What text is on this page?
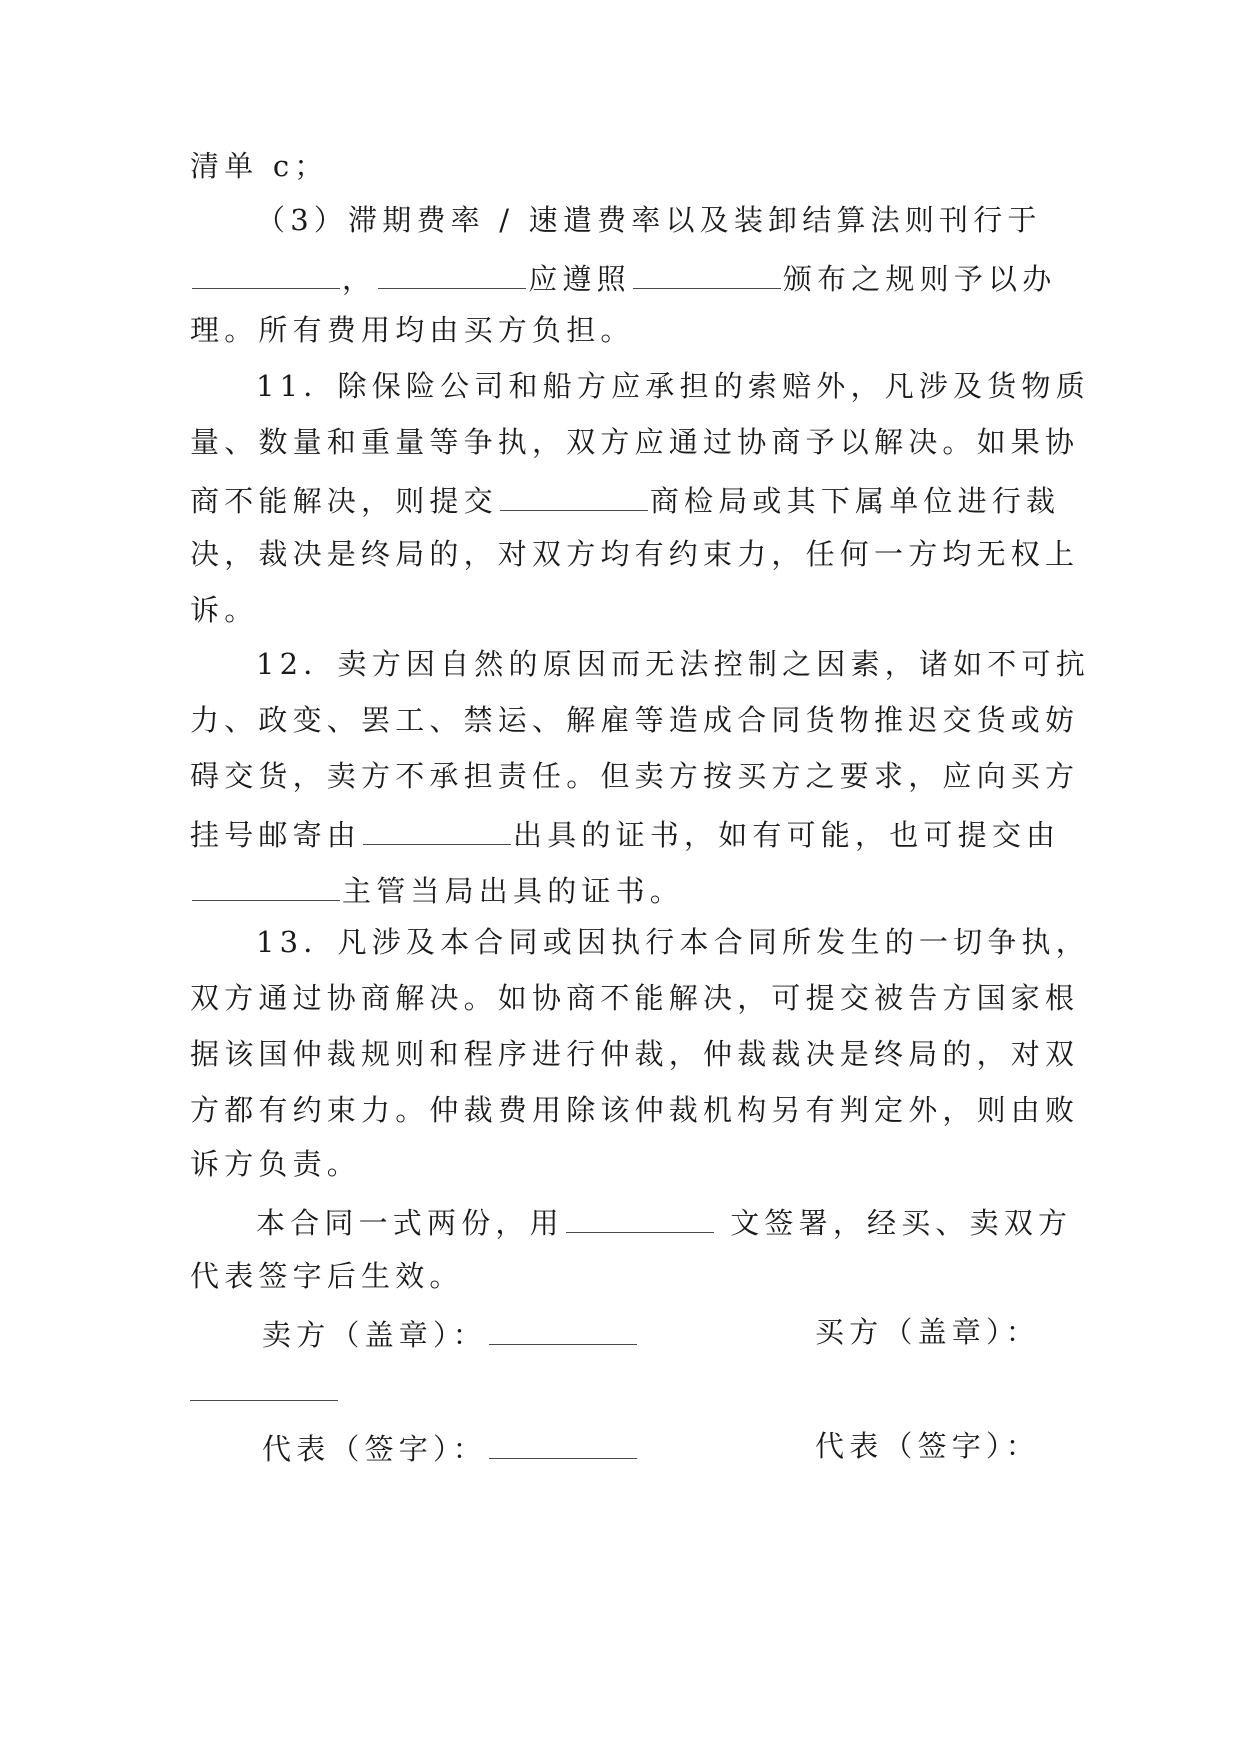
清单 c；
（3）滞期费率 / 速遣费率以及装卸结算法则刊行于
，	应遵照	颁布之规则予以办
理。所有费用均由买方负担。
11．除保险公司和船方应承担的索赔外，凡涉及货物质
量、数量和重量等争执，双方应通过协商予以解决。如果协
商不能解决，则提交	商检局或其下属单位进行裁
决，裁决是终局的，对双方均有约束力，任何一方均无权上
诉。
12．卖方因自然的原因而无法控制之因素，诸如不可抗
力、政变、罢工、禁运、解雇等造成合同货物推迟交货或妨
碍交货，卖方不承担责任。但卖方按买方之要求，应向买方
挂号邮寄由	出具的证书，如有可能，也可提交由
主管当局出具的证书。
13．凡涉及本合同或因执行本合同所发生的一切争执，
双方通过协商解决。如协商不能解决，可提交被告方国家根
据该国仲裁规则和程序进行仲裁，仲裁裁决是终局的，对双
方都有约束力。仲裁费用除该仲裁机构另有判定外，则由败
诉方负责。
本合同一式两份，用	文签署，经买、卖双方
代表签字后生效。
卖方（盖章）：	买方（盖章）：
代表（签字）：	代表（签字）：
